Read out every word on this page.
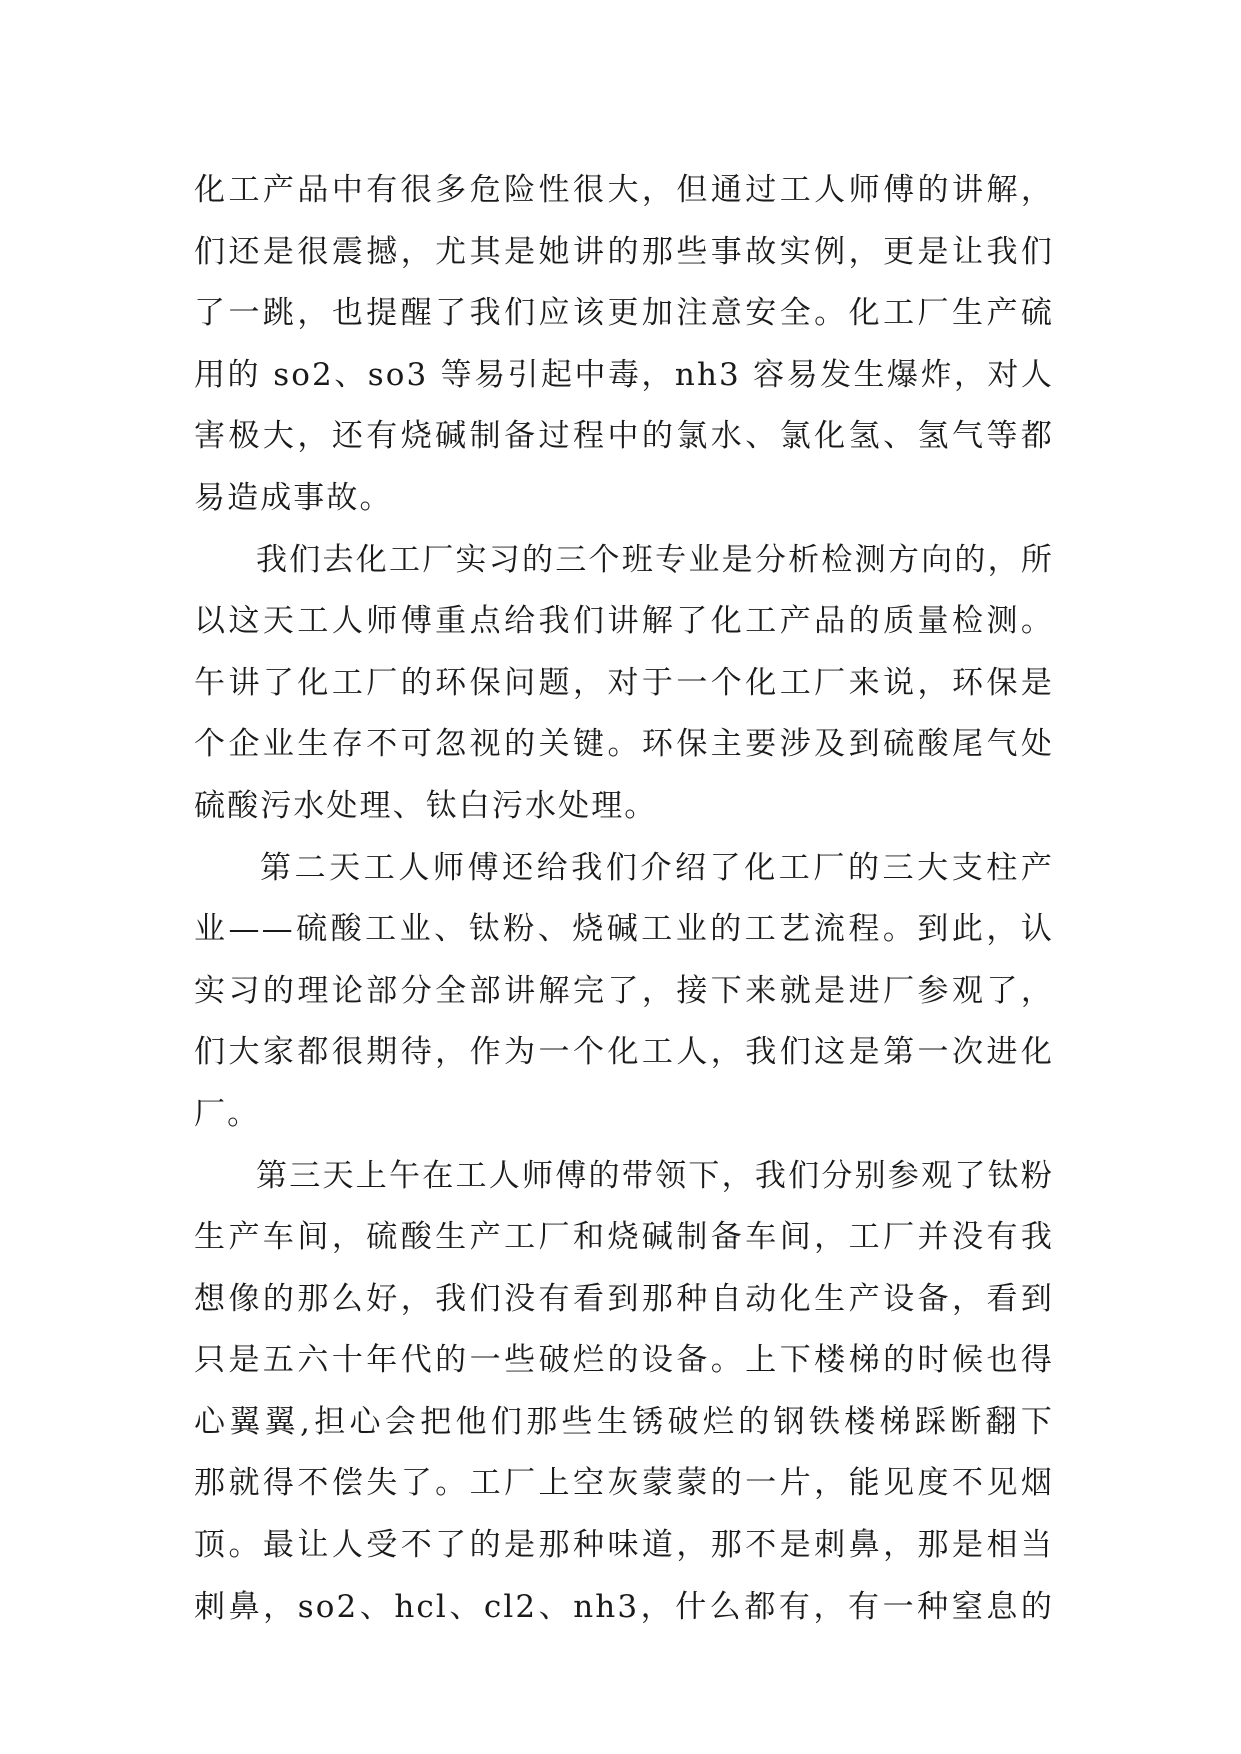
化工产品中有很多危险性很大，但通过工人师傅的讲解，
们还是很震撼，尤其是她讲的那些事故实例，更是让我们
了一跳，也提醒了我们应该更加注意安全。化工厂生产硫
用的 so2、so3 等易引起中毒，nh3 容易发生爆炸，对人
害极大，还有烧碱制备过程中的氯水、氯化氢、氢气等都
易造成事故。
我们去化工厂实习的三个班专业是分析检测方向的，所
以这天工人师傅重点给我们讲解了化工产品的质量检测。
午讲了化工厂的环保问题，对于一个化工厂来说，环保是
个企业生存不可忽视的关键。环保主要涉及到硫酸尾气处
硫酸污水处理、钛白污水处理。
第二天工人师傅还给我们介绍了化工厂的三大支柱产
业——硫酸工业、钛粉、烧碱工业的工艺流程。到此，认
实习的理论部分全部讲解完了，接下来就是进厂参观了，
们大家都很期待，作为一个化工人，我们这是第一次进化
厂。
第三天上午在工人师傅的带领下，我们分别参观了钛粉
生产车间，硫酸生产工厂和烧碱制备车间，工厂并没有我
想像的那么好，我们没有看到那种自动化生产设备，看到
只是五六十年代的一些破烂的设备。上下楼梯的时候也得
心翼翼,担心会把他们那些生锈破烂的钢铁楼梯踩断翻下
那就得不偿失了。工厂上空灰蒙蒙的一片，能见度不见烟
顶。最让人受不了的是那种味道，那不是刺鼻，那是相当
刺鼻，so2、hcl、cl2、nh3，什么都有，有一种窒息的
